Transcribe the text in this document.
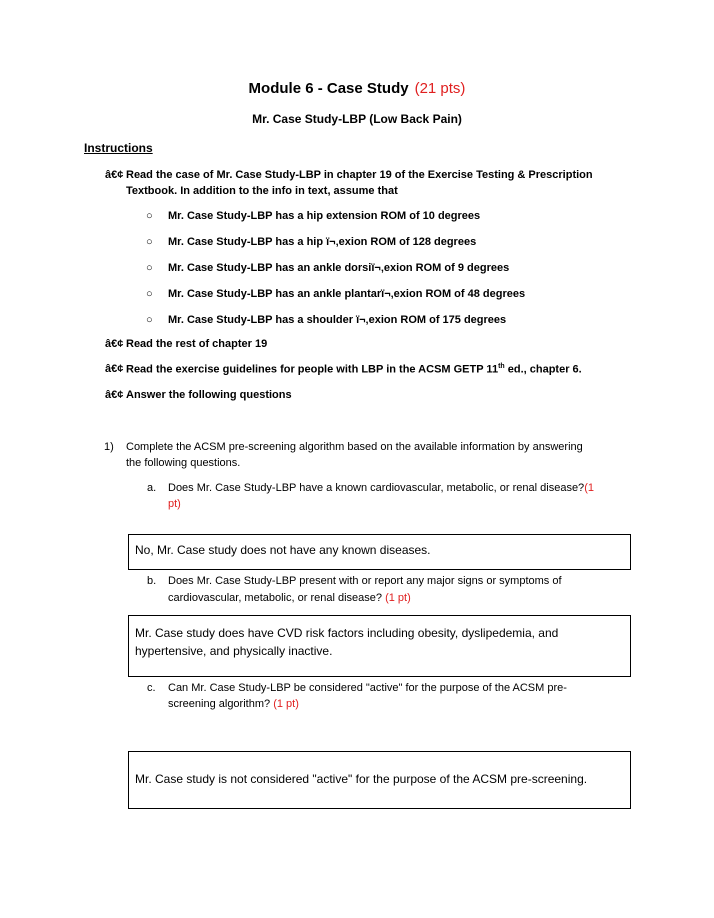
Module 6 - Case Study (21 pts)
Mr. Case Study-LBP (Low Back Pain)
Instructions
â€¢ Read the case of Mr. Case Study-LBP in chapter 19 of the Exercise Testing & Prescription
Textbook. In addition to the info in text, assume that
○ Mr. Case Study-LBP has a hip extension ROM of 10 degrees
○ Mr. Case Study-LBP has a hip ï¬‚exion ROM of 128 degrees
○ Mr. Case Study-LBP has an ankle dorsiï¬‚exion ROM of 9 degrees
○ Mr. Case Study-LBP has an ankle plantarï¬‚exion ROM of 48 degrees
○ Mr. Case Study-LBP has a shoulder ï¬‚exion ROM of 175 degrees
â€¢ Read the rest of chapter 19
â€¢ Read the exercise guidelines for people with LBP in the ACSM GETP 11th ed., chapter 6.
â€¢ Answer the following questions
1) Complete the ACSM pre-screening algorithm based on the available information by answering
the following questions.
a. Does Mr. Case Study-LBP have a known cardiovascular, metabolic, or renal disease?(1
pt)
No, Mr. Case study does not have any known diseases.
b. Does Mr. Case Study-LBP present with or report any major signs or symptoms of
cardiovascular, metabolic, or renal disease? (1 pt)
Mr. Case study does have CVD risk factors including obesity, dyslipedemia, and
hypertensive, and physically inactive.
c. Can Mr. Case Study-LBP be considered "active" for the purpose of the ACSM pre-
screening algorithm? (1 pt)
Mr. Case study is not considered "active" for the purpose of the ACSM pre-screening.
